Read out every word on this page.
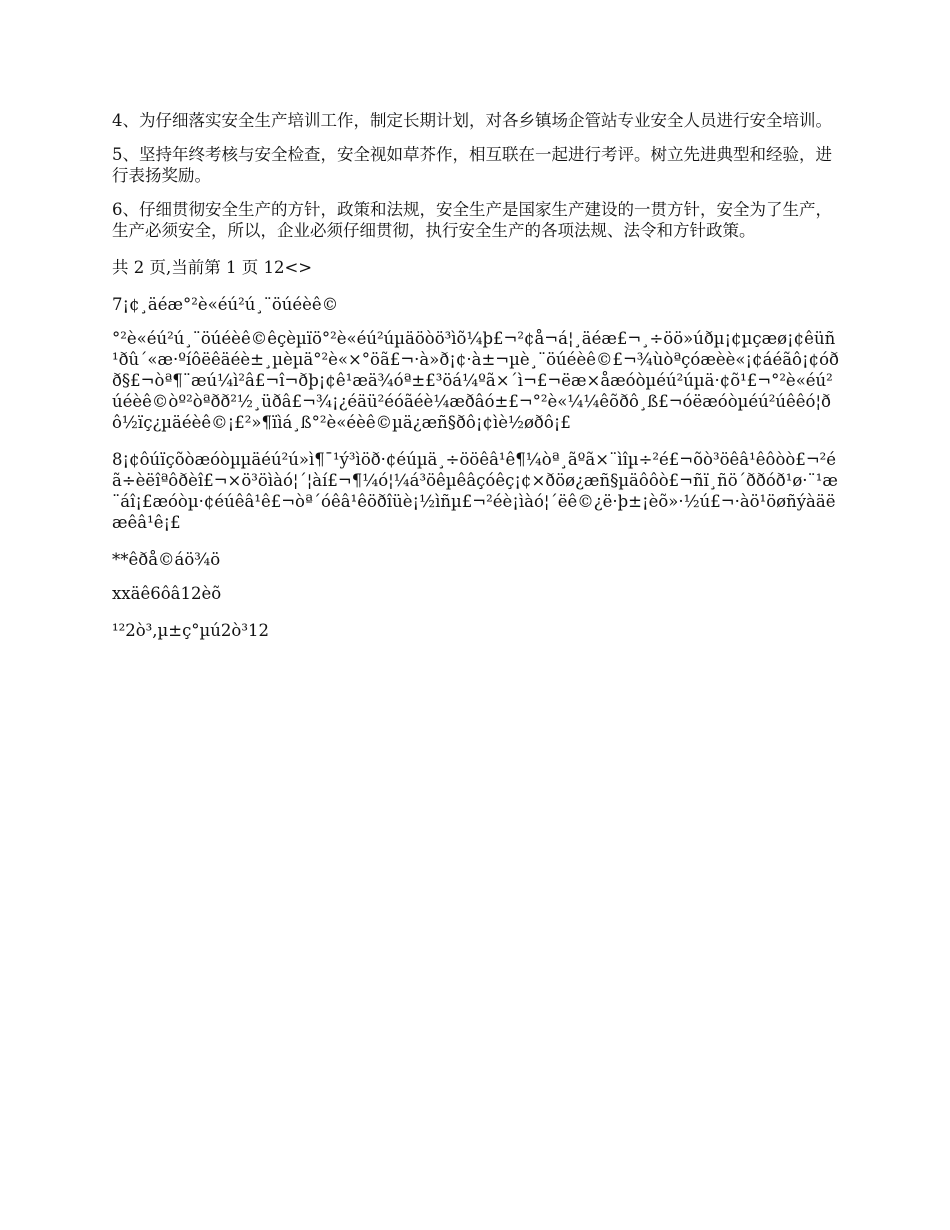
4、为仔细落实安全生产培训工作，制定长期计划，对各乡镇场企管站专业安全人员进行安全培训。

5、坚持年终考核与安全检查，安全视如草芥作，相互联在一起进行考评。树立先进典型和经验，进行表扬奖励。

6、仔细贯彻安全生产的方针，政策和法规，安全生产是国家生产建设的一贯方针，安全为了生产，生产必须安全，所以，企业必须仔细贯彻，执行安全生产的各项法规、法令和方针政策。

共 2 页,当前第 1 页 12<>

7¡¢¸äéæ°²è«éú²ú¸¨öúéèê©

°²è«éú²ú¸¨öúéèê©êçèµïö°²è«éú²úµäöòö³ìõ¼þ£¬²¢å¬á¦¸äéæ£¬¸÷öö»úðµ¡¢µçæø¡¢êüñ¹ðû´«æ·ºíôëêäéè±¸µèµä°²è«×°öã£¬·à»ð¡¢·à±¬µè¸¨öúéèê©£¬¾ùòªçóæèè«¡¢áéãô¡¢óðð§£¬òª¶¨æú¼ì²â£¬î¬ðþ¡¢ê¹æä¾óª±£³öá¼ºã×´ì¬£¬ëæ×åæóòµéú²úµä·¢õ¹£¬°²è«éú²úéèê©òº²òªðð²½¸üðâ£¬¾¡¿éäü²éóãéè¼æðâó±£¬°²è«¼¼êõðô¸ß£¬óëæóòµéú²úêêó¦ðô½ïç¿µäéèê©¡£²»¶ïìá¸ß°²è«éèê©µä¿æñ§ðô¡¢ìè½øðô¡£

8¡¢ôúïçõòæóòµµäéú²ú»ì¶¯¹ý³ìöð·¢éúµä¸÷ööêâ¹ê¶¼òª¸ãºã×¨ìîµ÷²é£¬õò³öêâ¹êôòò£¬²éã÷èëîªôðèî£¬×ö³öìàó¦´¦àí£¬¶¼ó¦¼á³öêµêâçóêç¡¢×ðöø¿æñ§µäôôò£¬ñï¸ñö´ððóð¹ø·¨¹æ¨áî¡£æóòµ·¢éúêâ¹ê£¬òª´óêâ¹êöðîüè¡½ìñµ£¬²éè¡ìàó¦´ëê©¿ë·þ±¡èõ»·½ú£¬·àö¹öøñýàäëæêâ¹ê¡£

**êðå©áö¾ö

xxäê6ôâ12èõ

¹²2ò³,µ±ç°µú2ò³12
